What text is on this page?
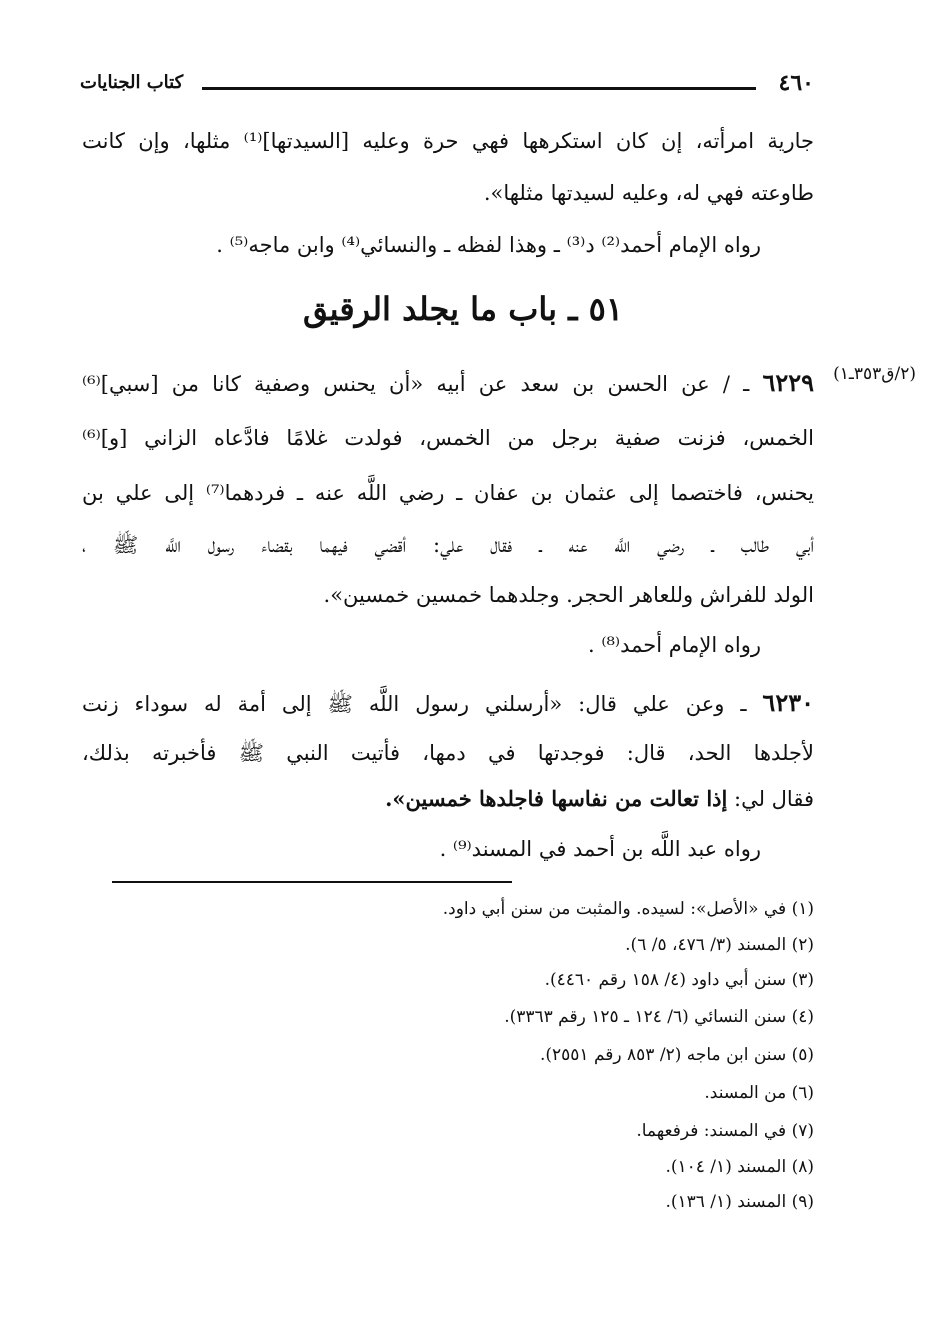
٤٦٠
كتاب الجنايات
جارية امرأته، إن كان استكرهها فهي حرة وعليه [السيدتها]⁽¹⁾ مثلها، وإن كانت
طاوعته فهي له، وعليه لسيدتها مثلها».
رواه الإمام أحمد⁽²⁾ د⁽³⁾ ـ وهذا لفظه ـ والنسائي⁽⁴⁾ وابن ماجه⁽⁵⁾ .
٥١ ـ باب ما يجلد الرقيق
(٢/ق٣٥٣ـ١)
٦٢٢٩ ـ / عن الحسن بن سعد عن أبيه «أن يحنس وصفية كانا من [سبي]⁽⁶⁾
الخمس، فزنت صفية برجل من الخمس، فولدت غلامًا فادَّعاه الزاني [و]⁽⁶⁾
يحنس، فاختصما إلى عثمان بن عفان ـ رضي اللَّه عنه ـ فردهما⁽⁷⁾ إلى علي بن
أبي طالب ـ رضي اللَّه عنه ـ فقال علي: أقضي فيهما بقضاء رسول اللَّه ﷺ ،
الولد للفراش وللعاهر الحجر. وجلدهما خمسين خمسين».
رواه الإمام أحمد⁽⁸⁾ .
٦٢٣٠ ـ وعن علي قال: «أرسلني رسول اللَّه ﷺ إلى أمة له سوداء زنت
لأجلدها الحد، قال: فوجدتها في دمها، فأتيت النبي ﷺ فأخبرته بذلك،
فقال لي: إذا تعالت من نفاسها فاجلدها خمسين».
رواه عبد اللَّه بن أحمد في المسند⁽⁹⁾ .
(١) في «الأصل»: لسيده. والمثبت من سنن أبي داود.
(٢) المسند (٣/ ٤٧٦، ٥/ ٦).
(٣) سنن أبي داود (٤/ ١٥٨ رقم ٤٤٦٠).
(٤) سنن النسائي (٦/ ١٢٤ ـ ١٢٥ رقم ٣٣٦٣).
(٥) سنن ابن ماجه (٢/ ٨٥٣ رقم ٢٥٥١).
(٦) من المسند.
(٧) في المسند: فرفعهما.
(٨) المسند (١/ ١٠٤).
(٩) المسند (١/ ١٣٦).
